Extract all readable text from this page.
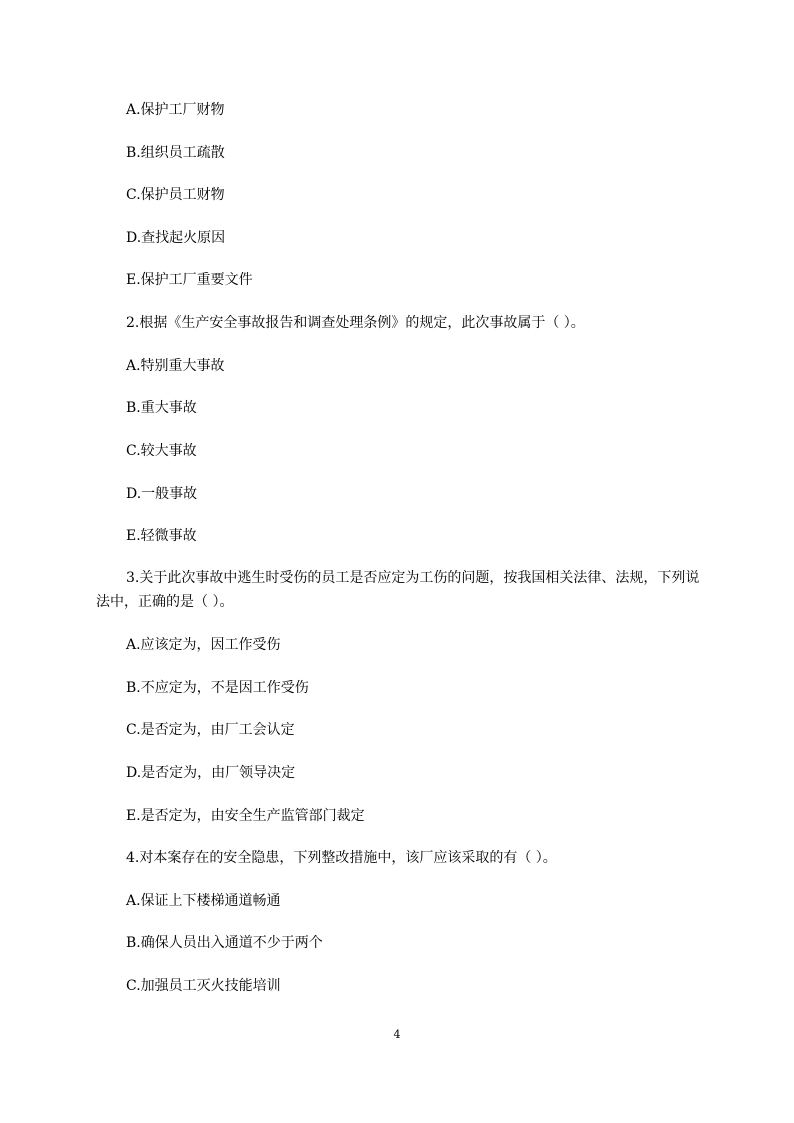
A.保护工厂财物
B.组织员工疏散
C.保护员工财物
D.查找起火原因
E.保护工厂重要文件
2.根据《生产安全事故报告和调查处理条例》的规定，此次事故属于（ ）。
A.特别重大事故
B.重大事故
C.较大事故
D.一般事故
E.轻微事故
3.关于此次事故中逃生时受伤的员工是否应定为工伤的问题，按我国相关法律、法规，下列说法中，正确的是（ ）。
A.应该定为，因工作受伤
B.不应定为，不是因工作受伤
C.是否定为，由厂工会认定
D.是否定为，由厂领导决定
E.是否定为，由安全生产监管部门裁定
4.对本案存在的安全隐患，下列整改措施中，该厂应该采取的有（ ）。
A.保证上下楼梯通道畅通
B.确保人员出入通道不少于两个
C.加强员工灭火技能培训
4
